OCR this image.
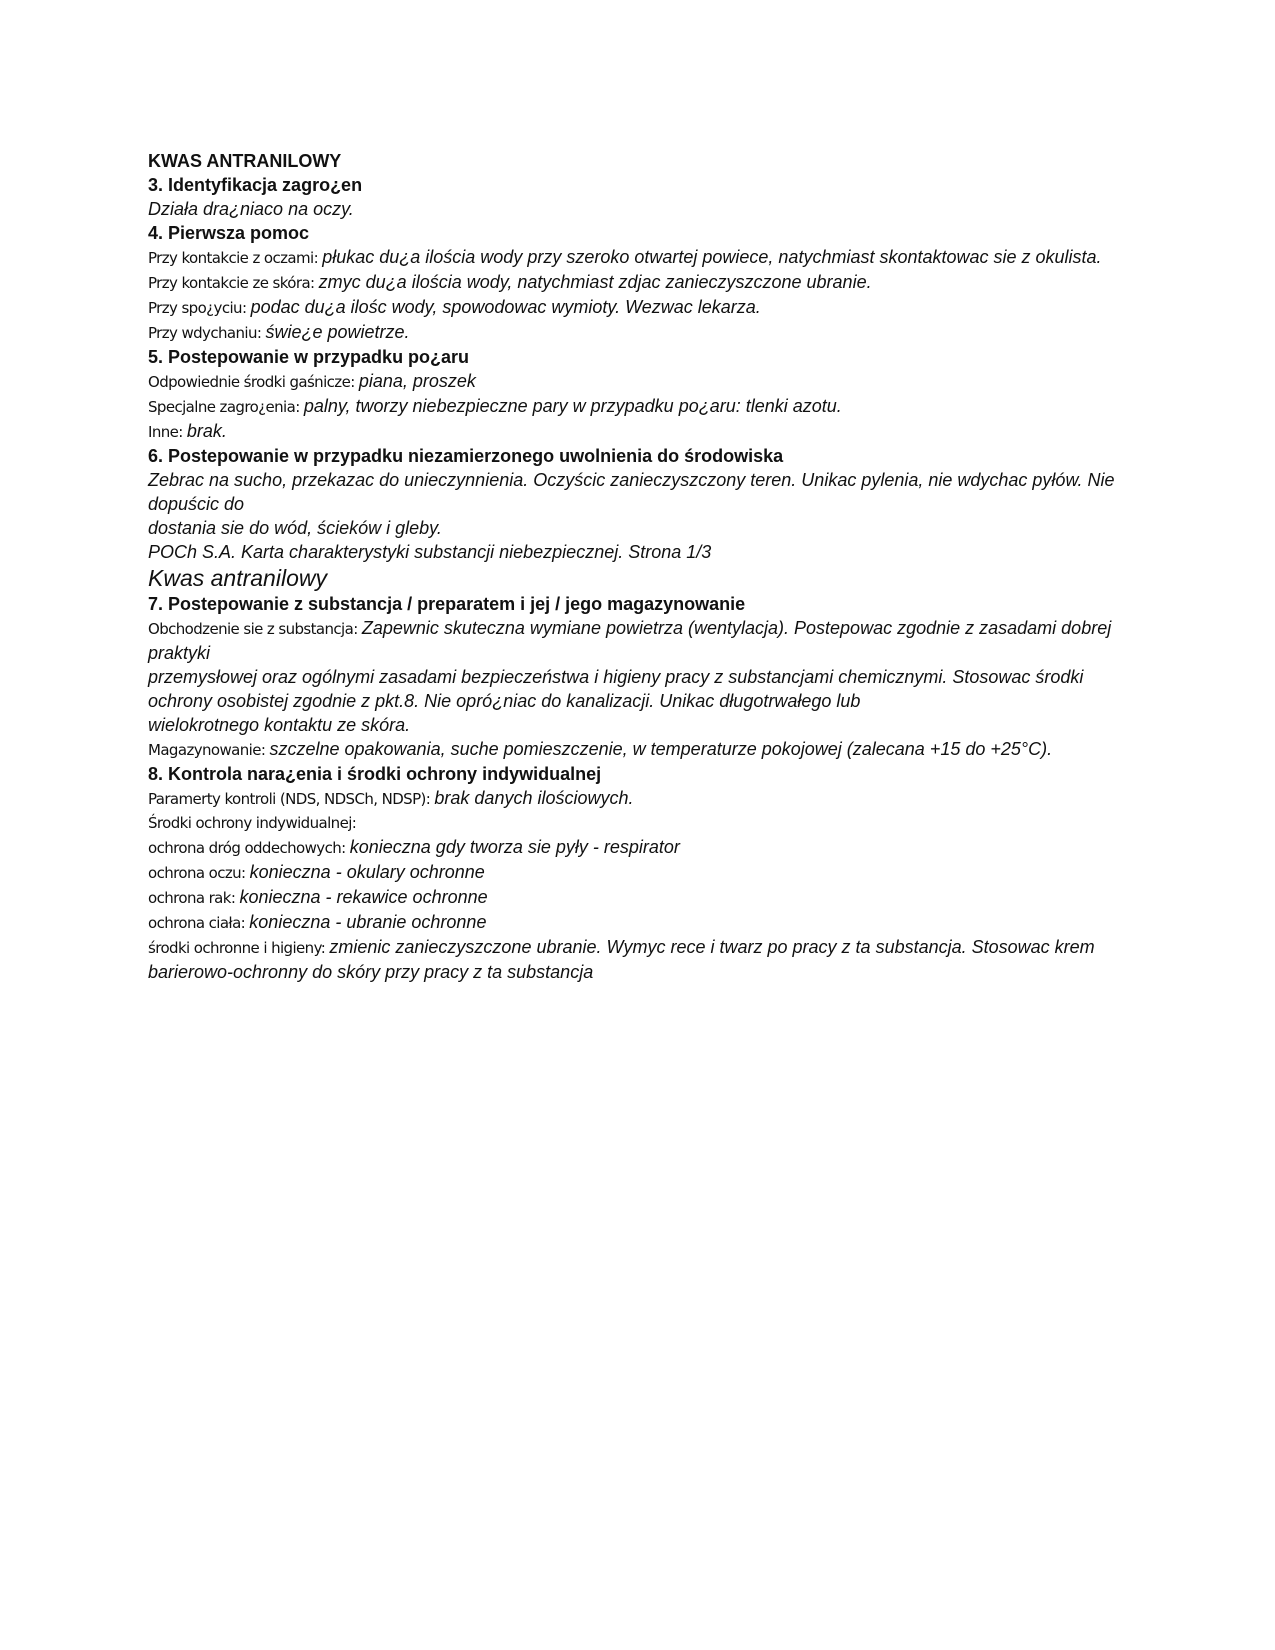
KWAS ANTRANILOWY

3. Identyfikacja zagro¿en

Działa dra¿niaco na oczy.

4. Pierwsza pomoc

Przy kontakcie z oczami: płukac du¿a ilościa wody przy szeroko otwartej powiece, natychmiast skontaktowac sie z okulista.

Przy kontakcie ze skóra: zmyc du¿a ilościa wody, natychmiast zdjac zanieczyszczone ubranie.

Przy spo¿yciu: podac du¿a ilośc wody, spowodowac wymioty. Wezwac lekarza.

Przy wdychaniu: świe¿e powietrze.

5. Postepowanie w przypadku po¿aru

Odpowiednie środki gaśnicze: piana, proszek

Specjalne zagro¿enia: palny, tworzy niebezpieczne pary w przypadku po¿aru: tlenki azotu.

Inne: brak.

6. Postepowanie w przypadku niezamierzonego uwolnienia do środowiska

Zebrac na sucho, przekazac do unieczynnienia. Oczyścic zanieczyszczony teren. Unikac pylenia, nie wdychac pyłów. Nie dopuścic do

dostania sie do wód, ścieków i gleby.

POCh S.A. Karta charakterystyki substancji niebezpiecznej. Strona 1/3

Kwas antranilowy

7. Postepowanie z substancja / preparatem i jej / jego magazynowanie

Obchodzenie sie z substancja: Zapewnic skuteczna wymiane powietrza (wentylacja). Postepowac zgodnie z zasadami dobrej praktyki

przemysłowej oraz ogólnymi zasadami bezpieczeństwa i higieny pracy z substancjami chemicznymi. Stosowac środki ochrony osobistej zgodnie z pkt.8. Nie opró¿niac do kanalizacji. Unikac długotrwałego lub

wielokrotnego kontaktu ze skóra.

Magazynowanie: szczelne opakowania, suche pomieszczenie, w temperaturze pokojowej (zalecana +15 do +25°C).

8. Kontrola nara¿enia i środki ochrony indywidualnej

Paramerty kontroli (NDS, NDSCh, NDSP): brak danych ilościowych.

Środki ochrony indywidualnej:

ochrona dróg oddechowych: konieczna gdy tworza sie pyły - respirator

ochrona oczu: konieczna - okulary ochronne

ochrona rak: konieczna - rekawice ochronne

ochrona ciała: konieczna - ubranie ochronne

środki ochronne i higieny: zmienic zanieczyszczone ubranie. Wymyc rece i twarz po pracy z ta substancja. Stosowac krem

barierowo-ochronny do skóry przy pracy z ta substancja
